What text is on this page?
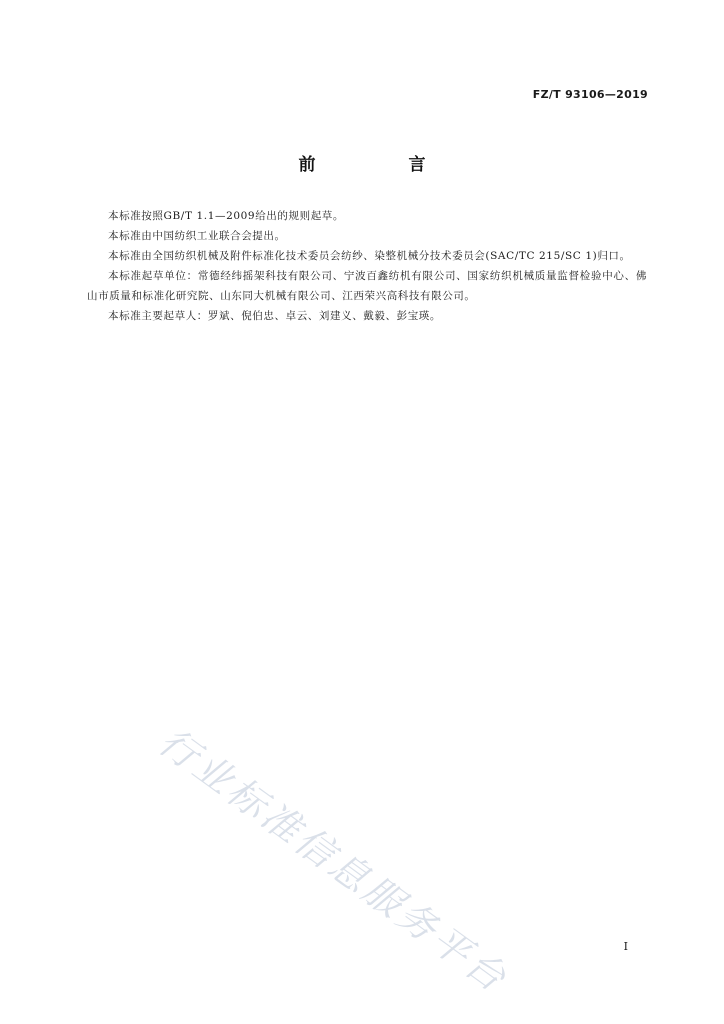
FZ/T 93106—2019
前　言

本标准按照GB/T 1.1—2009给出的规则起草。

本标准由中国纺织工业联合会提出。

本标准由全国纺织机械及附件标准化技术委员会纺纱、染整机械分技术委员会(SAC/TC 215/SC 1)归口。

本标准起草单位：常德经纬摇架科技有限公司、宁波百鑫纺机有限公司、国家纺织机械质量监督检验中心、佛山市质量和标准化研究院、山东同大机械有限公司、江西荣兴高科技有限公司。

本标准主要起草人：罗斌、倪伯忠、卓云、刘建义、戴毅、彭宝瑛。

行业标准信息服务平台	I
